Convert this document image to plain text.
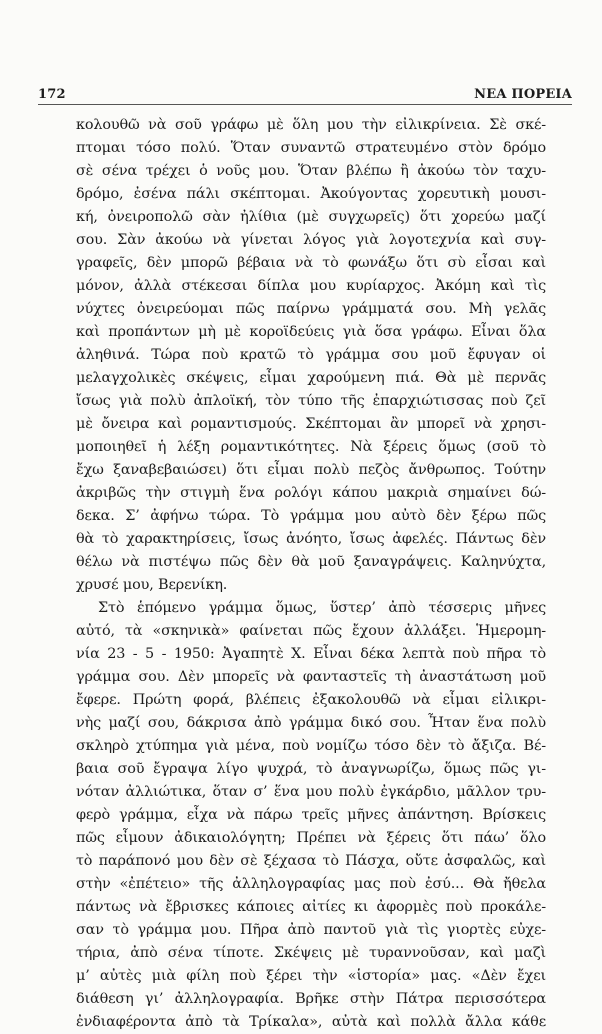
172	ΝΕΑ ΠΟΡΕΙΑ
κολουθῶ νὰ σοῦ γράφω μὲ ὅλη μου τὴν εἰλικρίνεια. Σὲ σκέ-
πτομαι τόσο πολύ. Ὅταν συναντῶ στρατευμένο στὸν δρόμο
σὲ σένα τρέχει ὁ νοῦς μου. Ὅταν βλέπω ἢ ἀκούω τὸν ταχυ-
δρόμο, ἐσένα πάλι σκέπτομαι. Ἀκούγοντας χορευτικὴ μουσι-
κή, ὀνειροπολῶ σὰν ἠλίθια (μὲ συγχωρεῖς) ὅτι χορεύω μαζί
σου. Σὰν ἀκούω νὰ γίνεται λόγος γιὰ λογοτεχνία καὶ συγ-
γραφεῖς, δὲν μπορῶ βέβαια νὰ τὸ φωνάξω ὅτι σὺ εἶσαι καὶ
μόνον, ἀλλὰ στέκεσαι δίπλα μου κυρίαρχος. Ἀκόμη καὶ τὶς
νύχτες ὀνειρεύομαι πῶς παίρνω γράμματά σου. Μὴ γελᾶς
καὶ προπάντων μὴ μὲ κοροϊδεύεις γιὰ ὅσα γράφω. Εἶναι ὅλα
ἀληθινά. Τώρα ποὺ κρατῶ τὸ γράμμα σου μοῦ ἔφυγαν οἱ
μελαγχολικὲς σκέψεις, εἶμαι χαρούμενη πιά. Θὰ μὲ περνᾶς
ἴσως γιὰ πολὺ ἀπλοϊκή, τὸν τύπο τῆς ἐπαρχιώτισσας ποὺ ζεῖ
μὲ ὄνειρα καὶ ρομαντισμούς. Σκέπτομαι ἂν μπορεῖ νὰ χρησι-
μοποιηθεῖ ἡ λέξη ρομαντικότητες. Νὰ ξέρεις ὅμως (σοῦ τὸ
ἔχω ξαναβεβαιώσει) ὅτι εἶμαι πολὺ πεζὸς ἄνθρωπος. Τούτην
ἀκριβῶς τὴν στιγμὴ ἕνα ρολόγι κάπου μακριὰ σημαίνει δώ-
δεκα. Σ’ ἀφήνω τώρα. Τὸ γράμμα μου αὐτὸ δὲν ξέρω πῶς
θὰ τὸ χαρακτηρίσεις, ἴσως ἀνόητο, ἴσως ἀφελές. Πάντως δὲν
θέλω νὰ πιστέψω πῶς δὲν θὰ μοῦ ξαναγράψεις. Καληνύχτα,
χρυσέ μου, Βερενίκη.
Στὸ ἑπόμενο γράμμα ὅμως, ὕστερ’ ἀπὸ τέσσερις μῆνες
αὐτό, τὰ «σκηνικὰ» φαίνεται πῶς ἔχουν ἀλλάξει. Ἡμερομη-
νία 23 - 5 - 1950: Ἀγαπητὲ Χ. Εἶναι δέκα λεπτὰ ποὺ πῆρα τὸ
γράμμα σου. Δὲν μπορεῖς νὰ φανταστεῖς τὴ ἀναστάτωση μοῦ
ἔφερε. Πρώτη φορά, βλέπεις ἐξακολουθῶ νὰ εἶμαι εἰλικρι-
νὴς μαζί σου, δάκρισα ἀπὸ γράμμα δικό σου. Ἦταν ἕνα πολὺ
σκληρὸ χτύπημα γιὰ μένα, ποὺ νομίζω τόσο δὲν τὸ ἄξιζα. Βέ-
βαια σοῦ ἔγραψα λίγο ψυχρά, τὸ ἀναγνωρίζω, ὅμως πῶς γι-
νόταν ἀλλιώτικα, ὅταν σ’ ἕνα μου πολὺ ἐγκάρδιο, μᾶλλον τρυ-
φερὸ γράμμα, εἶχα νὰ πάρω τρεῖς μῆνες ἀπάντηση. Βρίσκεις
πῶς εἶμουν ἀδικαιολόγητη; Πρέπει νὰ ξέρεις ὅτι πάω’ ὅλο
τὸ παράπονό μου δὲν σὲ ξέχασα τὸ Πάσχα, οὔτε ἀσφαλῶς, καὶ
στὴν «ἐπέτειο» τῆς ἀλληλογραφίας μας ποὺ ἐσύ... Θὰ ἤθελα
πάντως νὰ ἔβρισκες κάποιες αἰτίες κι ἀφορμὲς ποὺ προκάλε-
σαν τὸ γράμμα μου. Πῆρα ἀπὸ παντοῦ γιὰ τὶς γιορτὲς εὐχε-
τήρια, ἀπὸ σένα τίποτε. Σκέψεις μὲ τυραννοῦσαν, καὶ μαζὶ
μ’ αὐτὲς μιὰ φίλη ποὺ ξέρει τὴν «ἱστορία» μας. «Δὲν ἔχει
διάθεση γι’ ἀλληλογραφία. Βρῆκε στὴν Πάτρα περισσότερα
ἐνδιαφέροντα ἀπὸ τὰ Τρίκαλα», αὐτὰ καὶ πολλὰ ἄλλα κάθε
